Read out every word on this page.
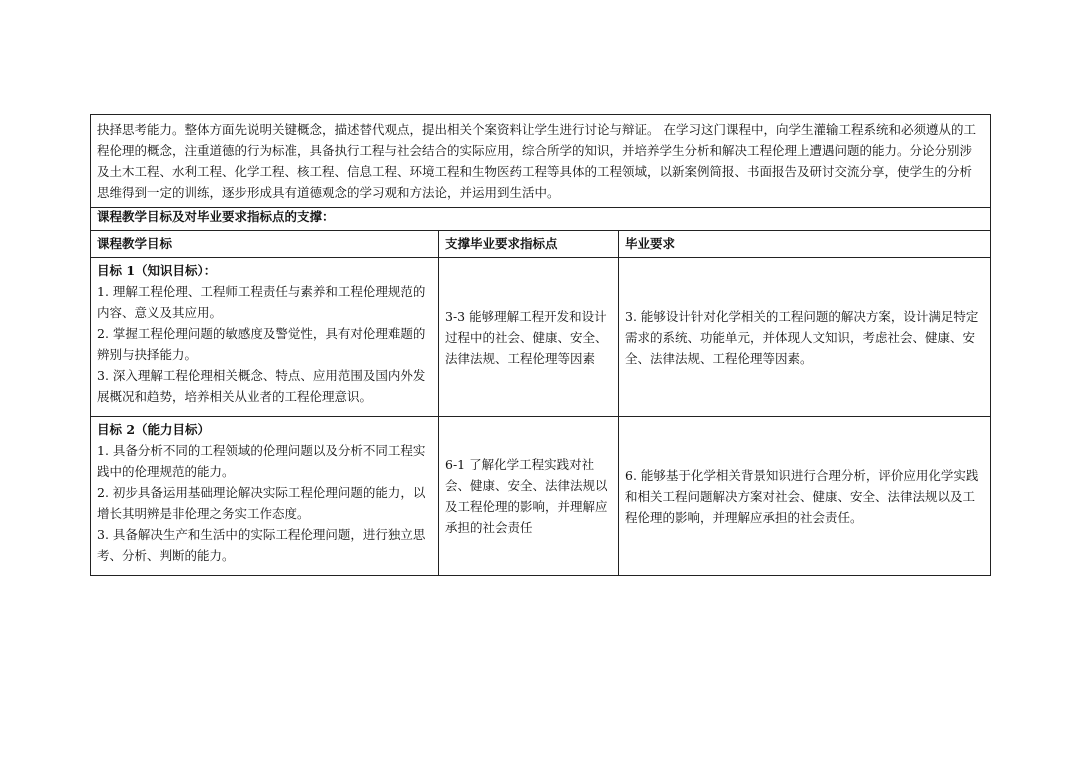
抉择思考能力。整体方面先说明关键概念，描述替代观点，提出相关个案资料让学生进行讨论与辩证。 在学习这门课程中，向学生灌输工程系统和必须遵从的工程伦理的概念，注重道德的行为标准，具备执行工程与社会结合的实际应用，综合所学的知识，并培养学生分析和解决工程伦理上遭遇问题的能力。分论分别涉及土木工程、水利工程、化学工程、核工程、信息工程、环境工程和生物医药工程等具体的工程领域，以新案例简报、书面报告及研讨交流分享，使学生的分析思维得到一定的训练，逐步形成具有道德观念的学习观和方法论，并运用到生活中。		
课程教学目标及对毕业要求指标点的支撑：		
课程教学目标	支撑毕业要求指标点	毕业要求

目标 1（知识目标）：
1. 理解工程伦理、工程师工程责任与素养和工程伦理规范的内容、意义及其应用。
2. 掌握工程伦理问题的敏感度及警觉性，具有对伦理难题的辨别与抉择能力。
3. 深入理解工程伦理相关概念、特点、应用范围及国内外发展概况和趋势，培养相关从业者的工程伦理意识。	3-3 能够理解工程开发和设计过程中的社会、健康、安全、法律法规、工程伦理等因素	3. 能够设计针对化学相关的工程问题的解决方案，设计满足特定需求的系统、功能单元，并体现人文知识，考虑社会、健康、安全、法律法规、工程伦理等因素。

目标 2（能力目标）
1. 具备分析不同的工程领域的伦理问题以及分析不同工程实践中的伦理规范的能力。
2. 初步具备运用基础理论解决实际工程伦理问题的能力，以增长其明辨是非伦理之务实工作态度。
3. 具备解决生产和生活中的实际工程伦理问题，进行独立思考、分析、判断的能力。	6-1 了解化学工程实践对社会、健康、安全、法律法规以及工程伦理的影响，并理解应承担的社会责任	6. 能够基于化学相关背景知识进行合理分析，评价应用化学实践和相关工程问题解决方案对社会、健康、安全、法律法规以及工程伦理的影响，并理解应承担的社会责任。
